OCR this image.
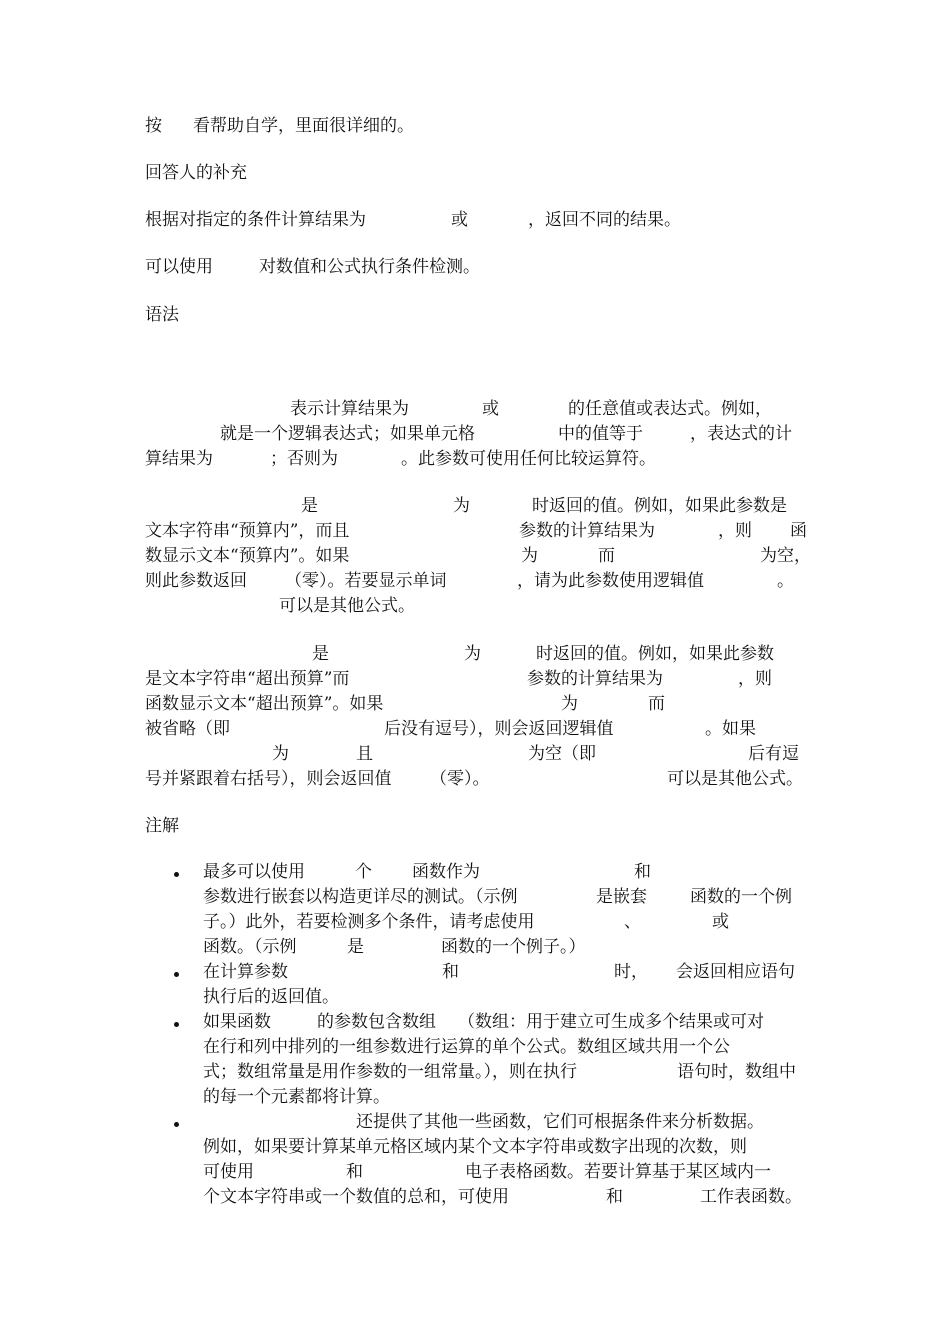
按 看帮助自学，里面很详细的。
回答人的补充
根据对指定的条件计算结果为	或	，返回不同的结果。
可以使用	对数值和公式执行条件检测。
语法
表示计算结果为	或	的任意值或表达式。例如，
就是一个逻辑表达式；如果单元格	中的值等于	，表达式的计
算结果为	；否则为	。此参数可使用任何比较运算符。
是	为	时返回的值。例如，如果此参数是
文本字符串“预算内”，而且	参数的计算结果为	，则 函
数显示文本“预算内”。如果	为	而	为空，
则此参数返回 （零）。若要显示单词	，请为此参数使用逻辑值	。
可以是其他公式。
是	为	时返回的值。例如，如果此参数
是文本字符串“超出预算”而	参数的计算结果为	，则
函数显示文本“超出预算”。如果	为	而
被省略（即	后没有逗号），则会返回逻辑值	。如果
为	且	为空（即	后有逗
号并紧跟着右括号），则会返回值 （零）。	可以是其他公式。
注解
最多可以使用	个 函数作为	和
参数进行嵌套以构造更详尽的测试。（示例	是嵌套	函数的一个例
子。）此外，若要检测多个条件，请考虑使用	、	或
函数。（示例	是	函数的一个例子。）
在计算参数	和	时， 会返回相应语句
执行后的返回值。
如果函数	的参数包含数组 （数组：用于建立可生成多个结果或可对
在行和列中排列的一组参数进行运算的单个公式。数组区域共用一个公
式；数组常量是用作参数的一组常量。），则在执行	语句时，数组中
的每一个元素都将计算。
还提供了其他一些函数，它们可根据条件来分析数据。
例如，如果要计算某单元格区域内某个文本字符串或数字出现的次数，则
可使用	和	电子表格函数。若要计算基于某区域内一
个文本字符串或一个数值的总和，可使用	和	工作表函数。
